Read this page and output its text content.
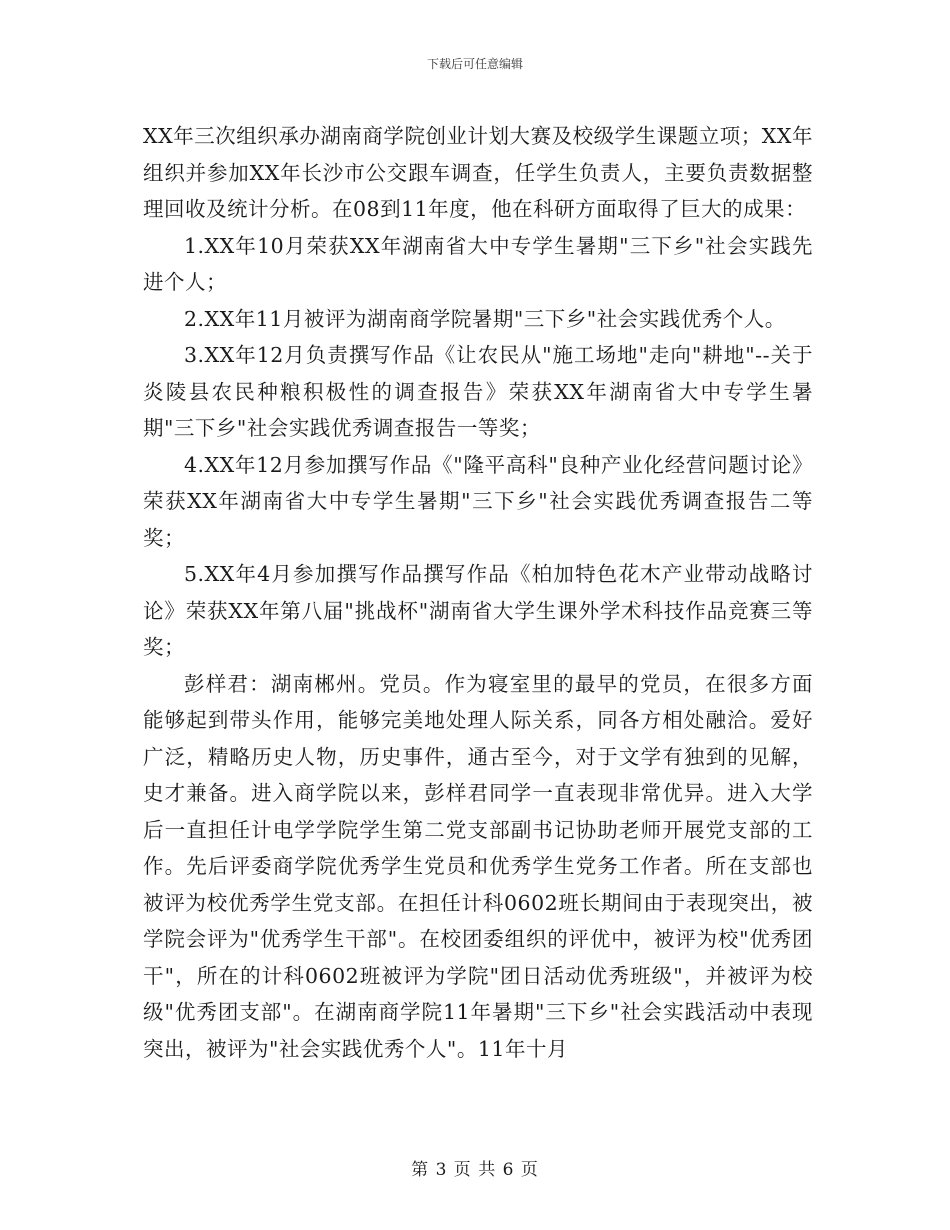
下载后可任意编辑

XX年三次组织承办湖南商学院创业计划大赛及校级学生课题立项；XX年组织并参加XX年长沙市公交跟车调查，任学生负责人，主要负责数据整理回收及统计分析。在08到11年度，他在科研方面取得了巨大的成果：

1.XX年10月荣获XX年湖南省大中专学生暑期"三下乡"社会实践先进个人；

2.XX年11月被评为湖南商学院暑期"三下乡"社会实践优秀个人。

3.XX年12月负责撰写作品《让农民从"施工场地"走向"耕地"--关于炎陵县农民种粮积极性的调查报告》荣获XX年湖南省大中专学生暑期"三下乡"社会实践优秀调查报告一等奖；

4.XX年12月参加撰写作品《"隆平高科"良种产业化经营问题讨论》荣获XX年湖南省大中专学生暑期"三下乡"社会实践优秀调查报告二等奖；

5.XX年4月参加撰写作品撰写作品《柏加特色花木产业带动战略讨论》荣获XX年第八届"挑战杯"湖南省大学生课外学术科技作品竞赛三等奖；

彭样君：湖南郴州。党员。作为寝室里的最早的党员，在很多方面能够起到带头作用，能够完美地处理人际关系，同各方相处融洽。爱好广泛，精略历史人物，历史事件，通古至今，对于文学有独到的见解，史才兼备。进入商学院以来，彭样君同学一直表现非常优异。进入大学后一直担任计电学学院学生第二党支部副书记协助老师开展党支部的工作。先后评委商学院优秀学生党员和优秀学生党务工作者。所在支部也被评为校优秀学生党支部。在担任计科0602班长期间由于表现突出，被学院会评为"优秀学生干部"。在校团委组织的评优中，被评为校"优秀团干"，所在的计科0602班被评为学院"团日活动优秀班级"，并被评为校级"优秀团支部"。在湖南商学院11年暑期"三下乡"社会实践活动中表现突出，被评为"社会实践优秀个人"。11年十月

第 3 页 共 6 页
